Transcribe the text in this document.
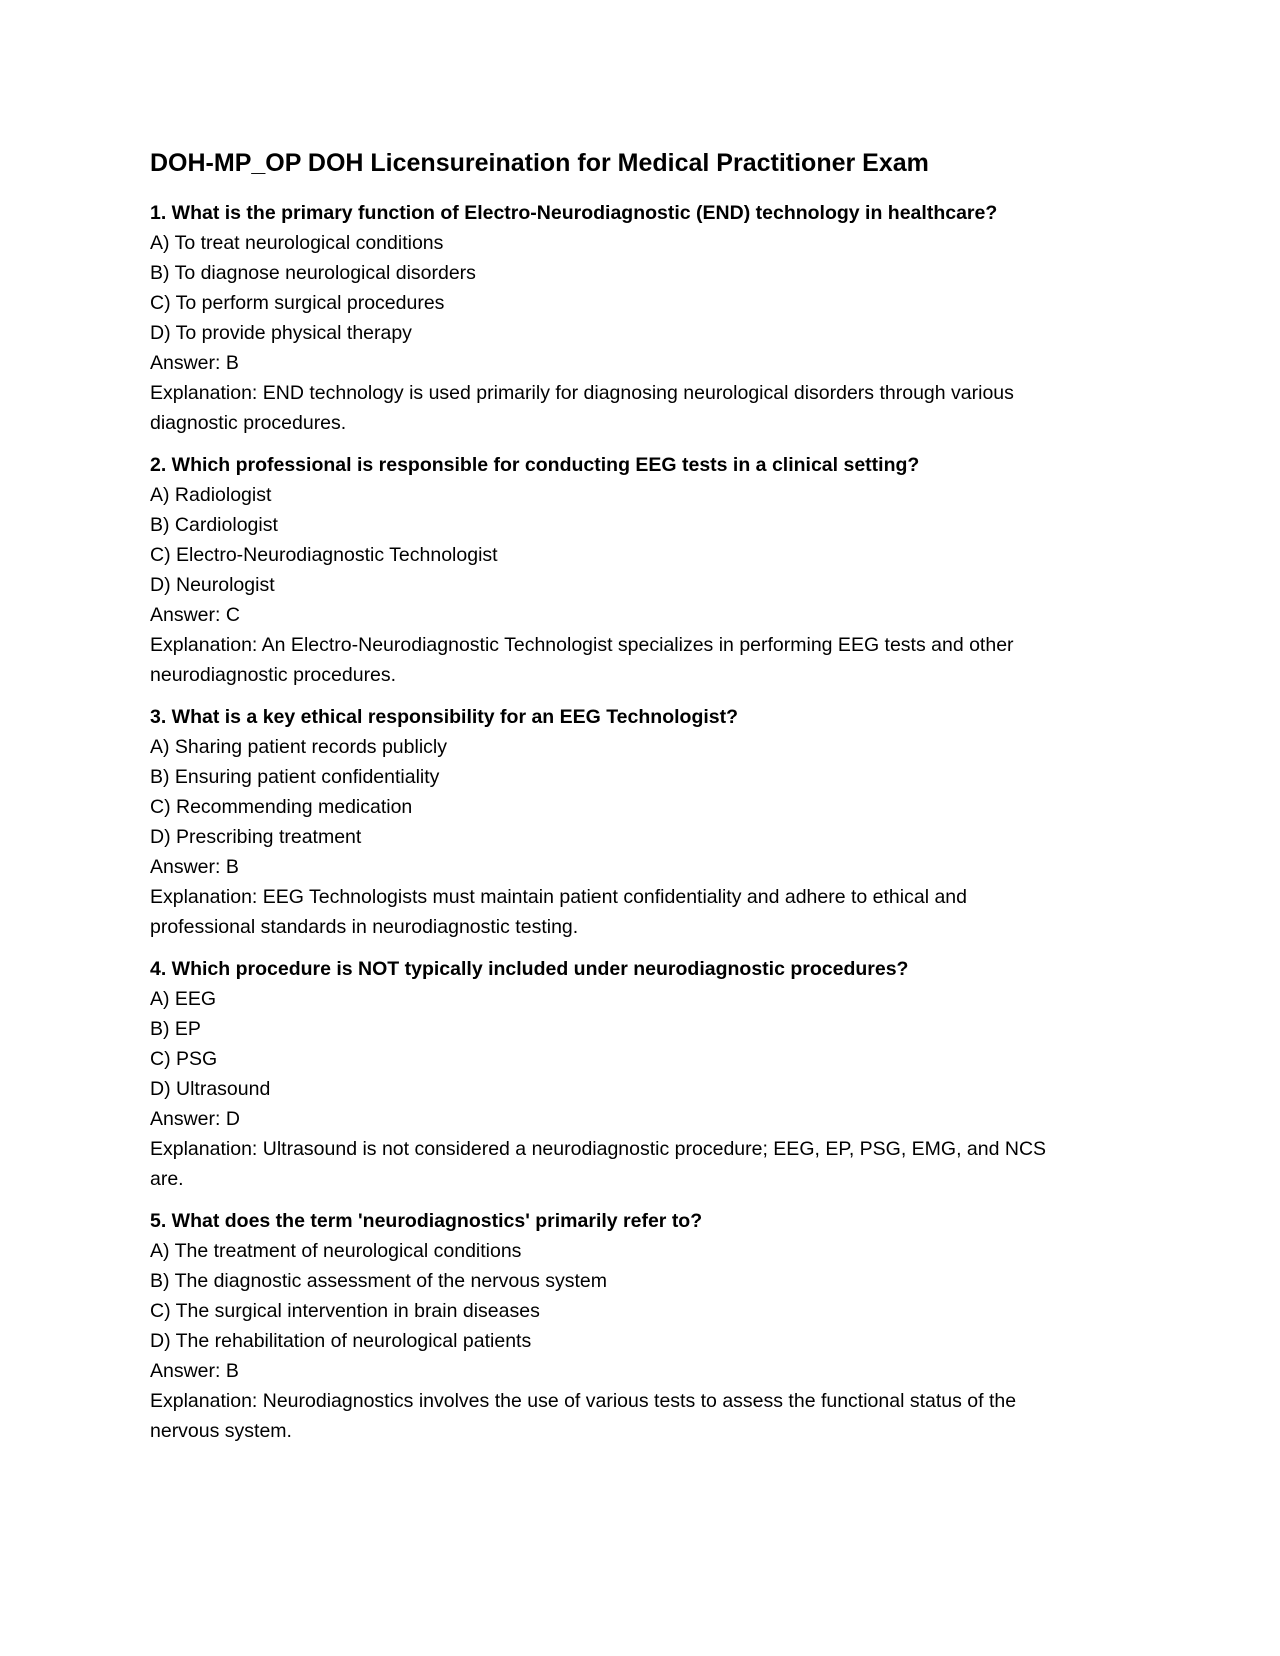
DOH-MP_OP DOH Licensureination for Medical Practitioner Exam
1. What is the primary function of Electro-Neurodiagnostic (END) technology in healthcare?
A) To treat neurological conditions
B) To diagnose neurological disorders
C) To perform surgical procedures
D) To provide physical therapy
Answer: B
Explanation: END technology is used primarily for diagnosing neurological disorders through various diagnostic procedures.
2. Which professional is responsible for conducting EEG tests in a clinical setting?
A) Radiologist
B) Cardiologist
C) Electro-Neurodiagnostic Technologist
D) Neurologist
Answer: C
Explanation: An Electro-Neurodiagnostic Technologist specializes in performing EEG tests and other neurodiagnostic procedures.
3. What is a key ethical responsibility for an EEG Technologist?
A) Sharing patient records publicly
B) Ensuring patient confidentiality
C) Recommending medication
D) Prescribing treatment
Answer: B
Explanation: EEG Technologists must maintain patient confidentiality and adhere to ethical and professional standards in neurodiagnostic testing.
4. Which procedure is NOT typically included under neurodiagnostic procedures?
A) EEG
B) EP
C) PSG
D) Ultrasound
Answer: D
Explanation: Ultrasound is not considered a neurodiagnostic procedure; EEG, EP, PSG, EMG, and NCS are.
5. What does the term 'neurodiagnostics' primarily refer to?
A) The treatment of neurological conditions
B) The diagnostic assessment of the nervous system
C) The surgical intervention in brain diseases
D) The rehabilitation of neurological patients
Answer: B
Explanation: Neurodiagnostics involves the use of various tests to assess the functional status of the nervous system.
